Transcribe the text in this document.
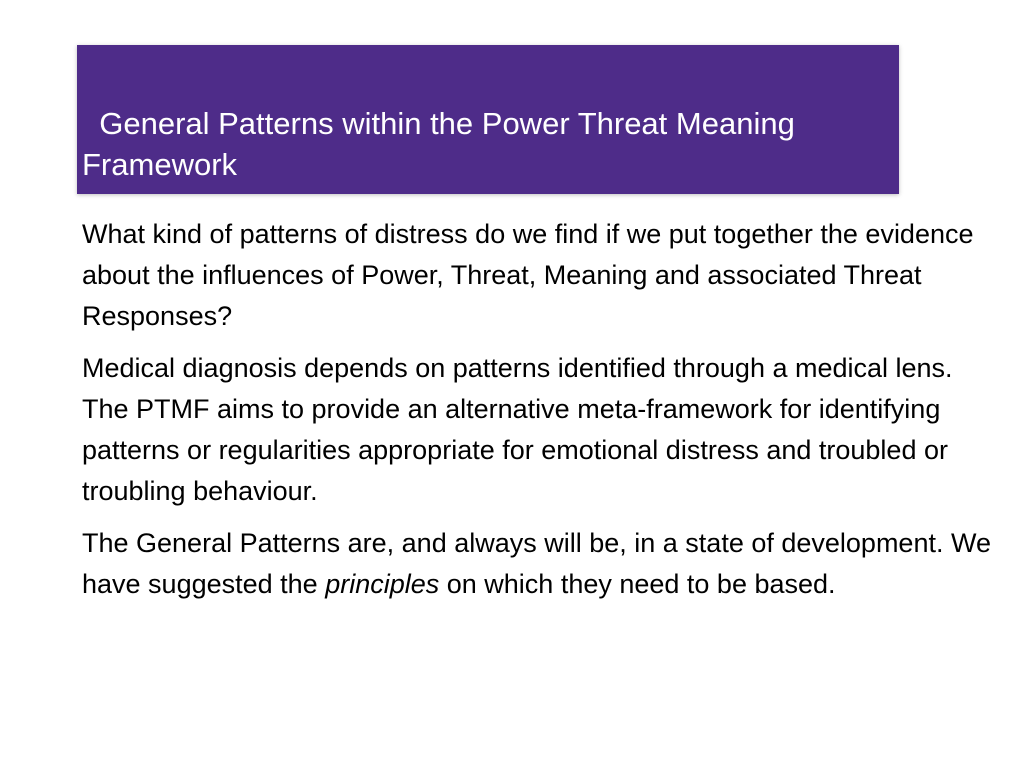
General Patterns within the Power Threat Meaning Framework

What kind of patterns of distress do we find if we put together the evidence about the influences of Power, Threat, Meaning and associated Threat Responses?

Medical diagnosis depends on patterns identified through a medical lens. The PTMF aims to provide an alternative meta-framework for identifying patterns or regularities appropriate for emotional distress and troubled or troubling behaviour.

The General Patterns are, and always will be, in a state of development. We have suggested the principles on which they need to be based.
